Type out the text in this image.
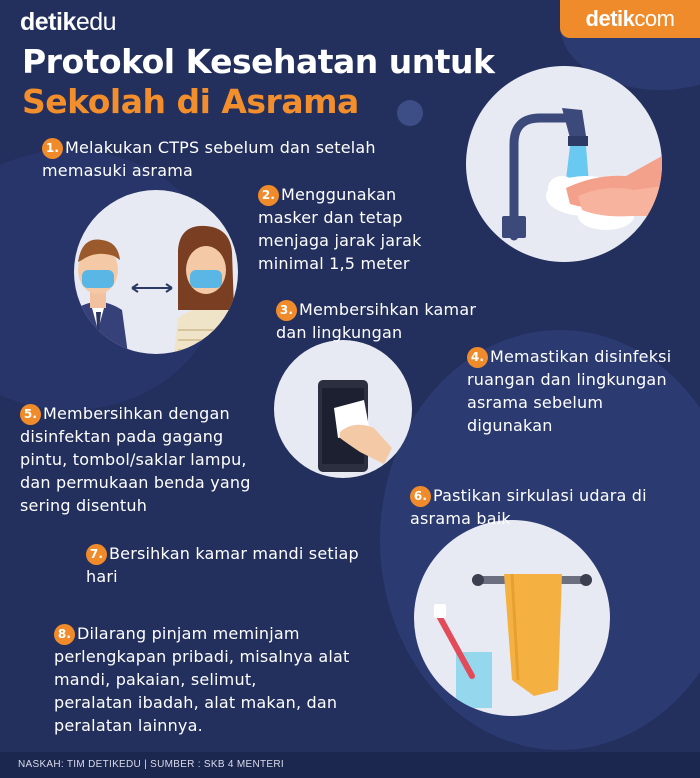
detikedu	detik com
Protokol Kesehatan untuk
Sekolah di Asrama
1 . Melakukan CTPS sebelum dan setelah
memasuki asrama
2 . Menggunakan
masker dan tetap
menjaga jarak jarak
minimal 1,5 meter
3 . Membersihkan kamar
dan lingkungan
4 . Memastikan disinfeksi
ruangan dan lingkungan
asrama sebelum
digunakan
5 . Membersihkan dengan
disinfektan pada gagang
pintu, tombol/saklar lampu,
dan permukaan benda yang
sering disentuh	6 . Pastikan sirkulasi udara di
asrama baik
7 . Bersihkan kamar mandi setiap
hari
8 . Dilarang pinjam meminjam
perlengkapan pribadi, misalnya alat
mandi, pakaian, selimut,
peralatan ibadah, alat makan, dan
peralatan lainnya.
NASKAH: TIM DETIKEDU | SUMBER : SKB 4 MENTERI
